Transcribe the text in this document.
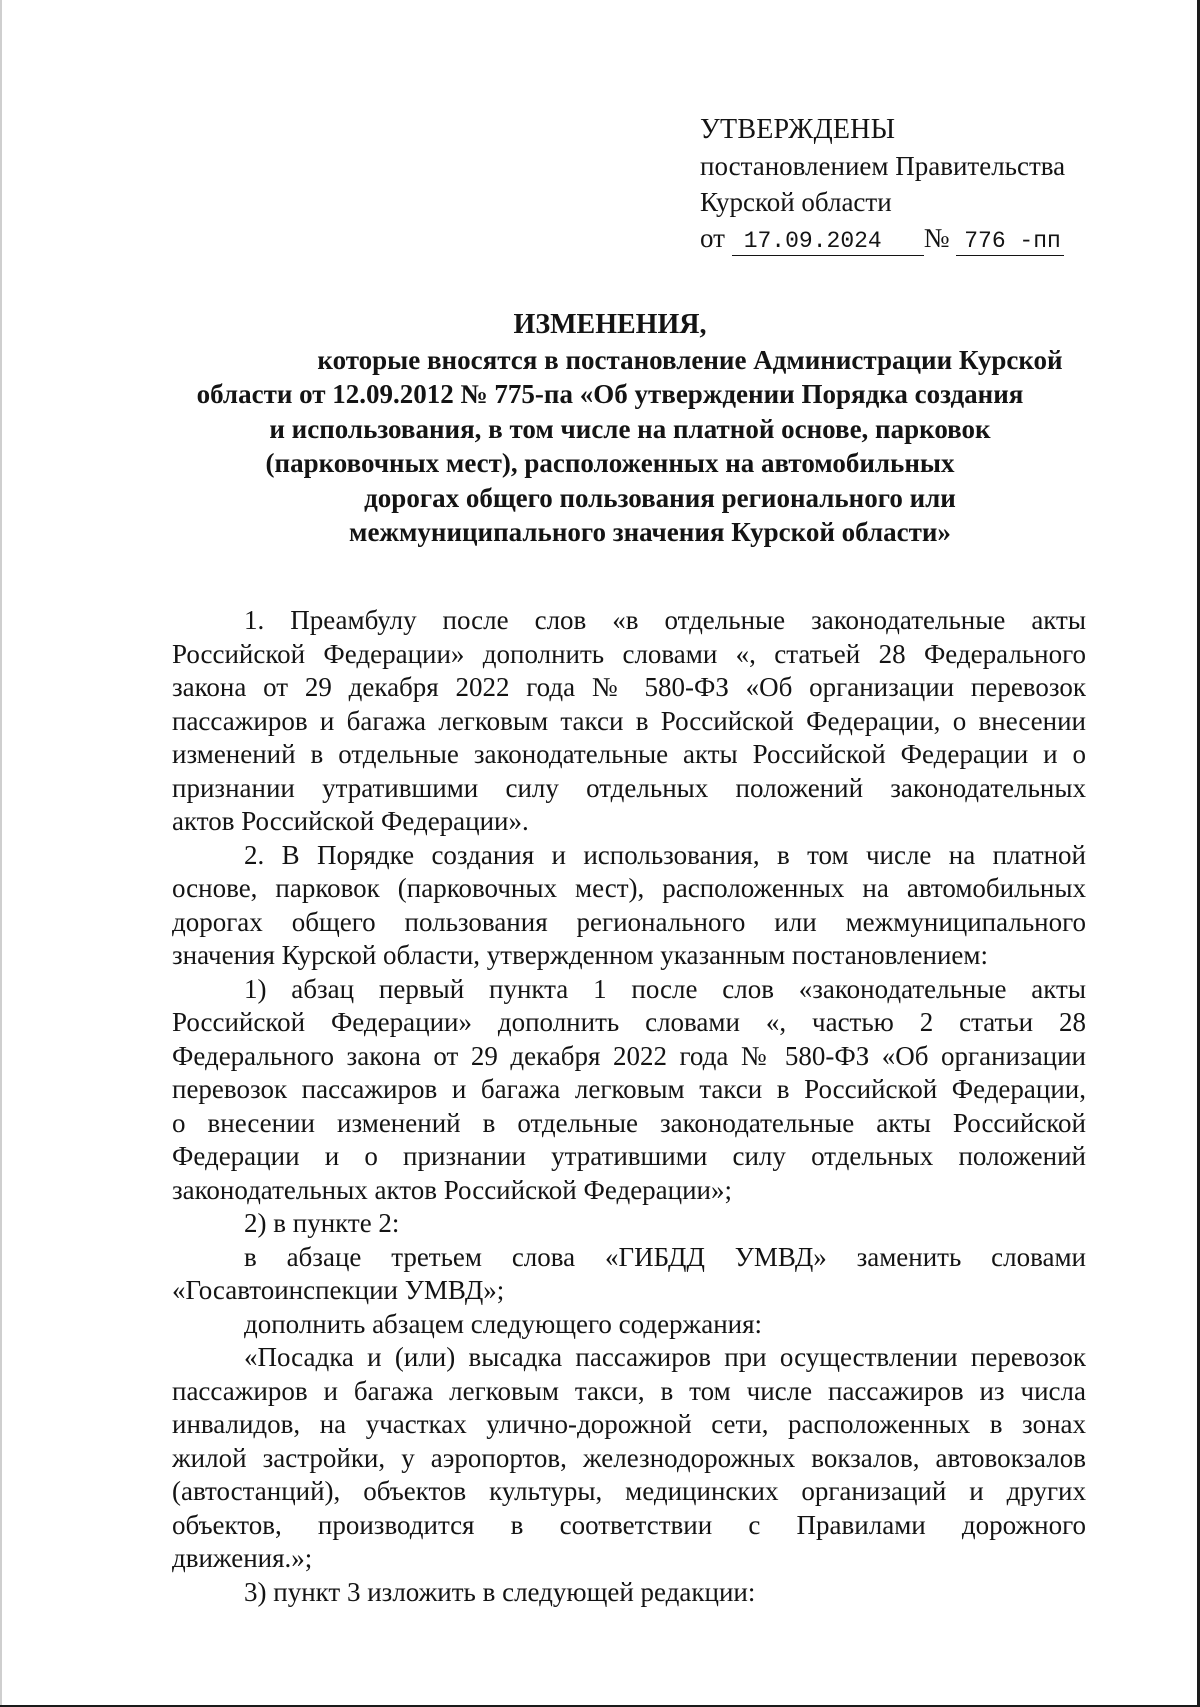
УТВЕРЖДЕНЫ
постановлением Правительства
Курской области
от 17.09.2024 № 776 -пп
ИЗМЕНЕНИЯ,
которые вносятся в постановление Администрации Курской
области от 12.09.2012 № 775-па «Об утверждении Порядка создания
и использования, в том числе на платной основе, парковок
(парковочных мест), расположенных на автомобильных
дорогах общего пользования регионального или
межмуниципального значения Курской области»
1. Преамбулу после слов «в отдельные законодательные акты
Российской Федерации» дополнить словами «, статьей 28 Федерального
закона от 29 декабря 2022 года № 580-ФЗ «Об организации перевозок
пассажиров и багажа легковым такси в Российской Федерации, о внесении
изменений в отдельные законодательные акты Российской Федерации и о
признании утратившими силу отдельных положений законодательных
актов Российской Федерации».
2. В Порядке создания и использования, в том числе на платной
основе, парковок (парковочных мест), расположенных на автомобильных
дорогах общего пользования регионального или межмуниципального
значения Курской области, утвержденном указанным постановлением:
1) абзац первый пункта 1 после слов «законодательные акты
Российской Федерации» дополнить словами «, частью 2 статьи 28
Федерального закона от 29 декабря 2022 года № 580-ФЗ «Об организации
перевозок пассажиров и багажа легковым такси в Российской Федерации,
о внесении изменений в отдельные законодательные акты Российской
Федерации и о признании утратившими силу отдельных положений
законодательных актов Российской Федерации»;
2) в пункте 2:
в абзаце третьем слова «ГИБДД УМВД» заменить словами
«Госавтоинспекции УМВД»;
дополнить абзацем следующего содержания:
«Посадка и (или) высадка пассажиров при осуществлении перевозок
пассажиров и багажа легковым такси, в том числе пассажиров из числа
инвалидов, на участках улично-дорожной сети, расположенных в зонах
жилой застройки, у аэропортов, железнодорожных вокзалов, автовокзалов
(автостанций), объектов культуры, медицинских организаций и других
объектов, производится в соответствии с Правилами дорожного
движения.»;
3) пункт 3 изложить в следующей редакции:
